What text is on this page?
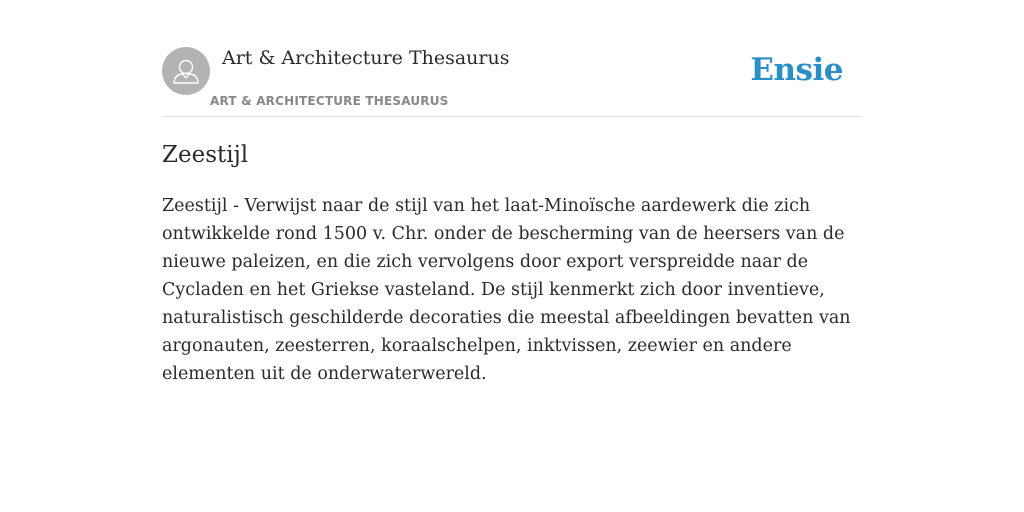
Art & Architecture Thesaurus
ART & ARCHITECTURE THESAURUS
Ensie
Zeestijl

Zeestijl - Verwijst naar de stijl van het laat-Minoïsche aardewerk die zich ontwikkelde rond 1500 v. Chr. onder de bescherming van de heersers van de nieuwe paleizen, en die zich vervolgens door export verspreidde naar de Cycladen en het Griekse vasteland. De stijl kenmerkt zich door inventieve, naturalistisch geschilderde decoraties die meestal afbeeldingen bevatten van argonauten, zeesterren, koraalschelpen, inktvissen, zeewier en andere elementen uit de onderwaterwereld.
